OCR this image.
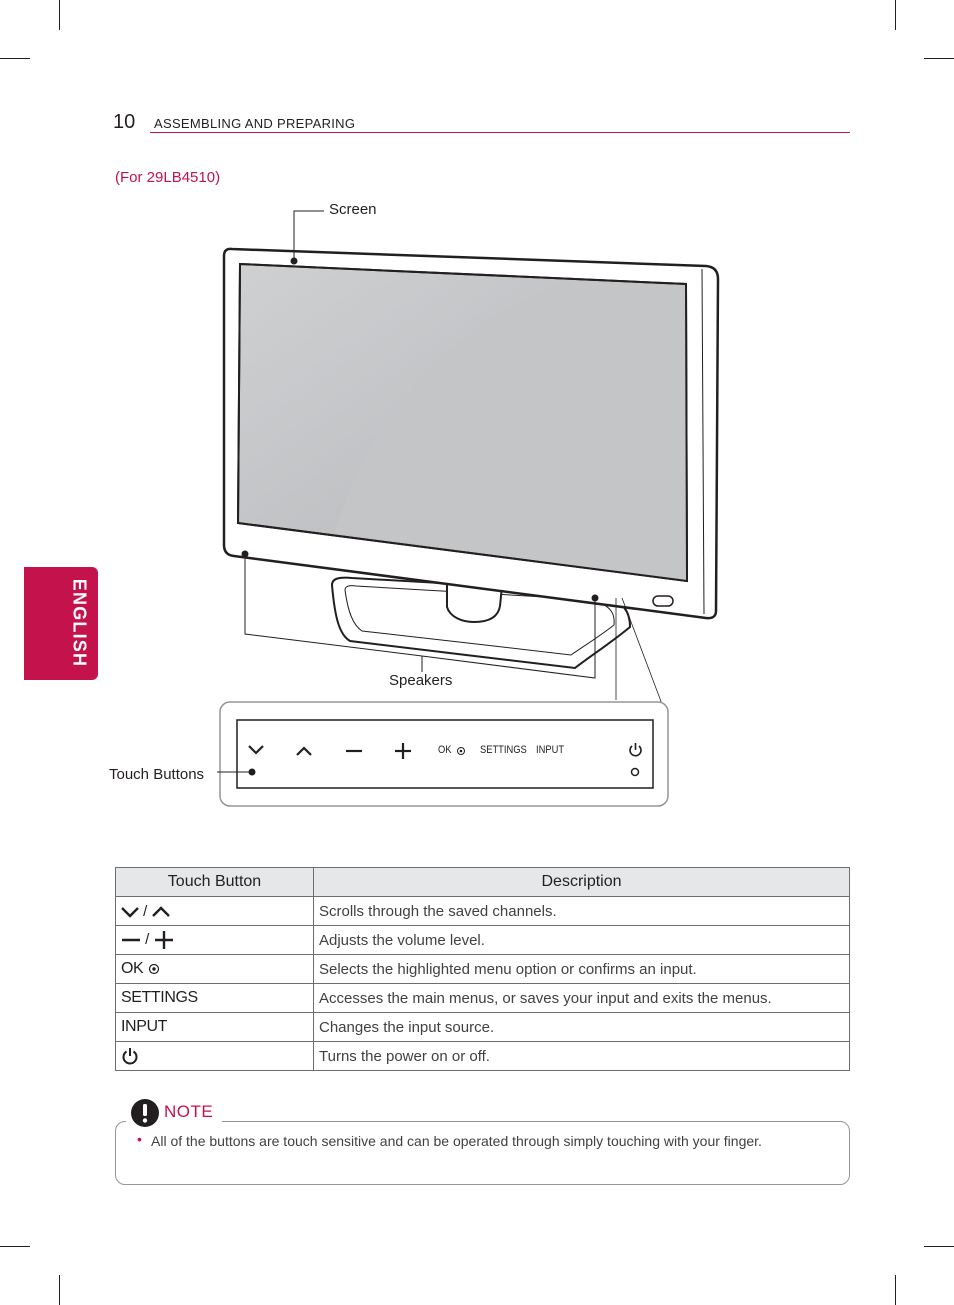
10 ASSEMBLING AND PREPARING
ENGLISH
(For 29LB4510)
Screen
Speakers
Touch Buttons
OK	SETTINGS INPUT
Touch Button	Description
/	Scrolls through the saved channels.
/	Adjusts the volume level.
OK	Selects the highlighted menu option or confirms an input.
SETTINGS	Accesses the main menus, or saves your input and exits the menus.
INPUT	Changes the input source.
	Turns the power on or off.
NOTE
• All of the buttons are touch sensitive and can be operated through simply touching with your finger.
